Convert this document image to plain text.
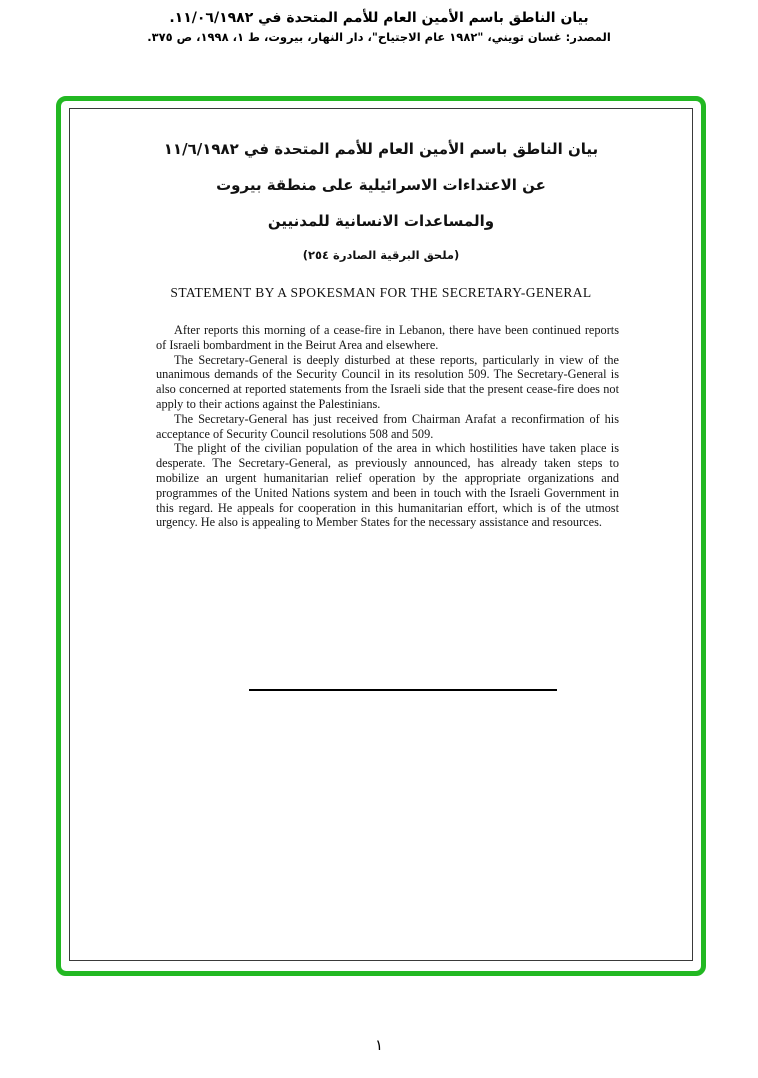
بيان الناطق باسم الأمين العام للأمم المتحدة في ١١/٠٦/١٩٨٢.
المصدر: غسان تويني، "١٩٨٢ عام الاجتياح"، دار النهار، بيروت، ط ١، ١٩٩٨، ص ٣٧٥.
بيان الناطق باسم الأمين العام للأمم المتحدة في ١١/٦/١٩٨٢
عن الاعتداءات الاسرائيلية على منطقة بيروت
والمساعدات الانسانية للمدنيين
(ملحق البرقية الصادرة ٢٥٤)
STATEMENT BY A SPOKESMAN FOR THE SECRETARY-GENERAL

After reports this morning of a cease-fire in Lebanon, there have been continued reports of Israeli bombardment in the Beirut Area and elsewhere.

The Secretary-General is deeply disturbed at these reports, particularly in view of the unanimous demands of the Security Council in its resolution 509. The Secretary-General is also concerned at reported statements from the Israeli side that the present cease-fire does not apply to their actions against the Palestinians.

The Secretary-General has just received from Chairman Arafat a reconfirmation of his acceptance of Security Council resolutions 508 and 509.

The plight of the civilian population of the area in which hostilities have taken place is desperate. The Secretary-General, as previously announced, has already taken steps to mobilize an urgent humanitarian relief operation by the appropriate organizations and programmes of the United Nations system and been in touch with the Israeli Government in this regard. He appeals for cooperation in this humanitarian effort, which is of the utmost urgency. He also is appealing to Member States for the necessary assistance and resources.

١
